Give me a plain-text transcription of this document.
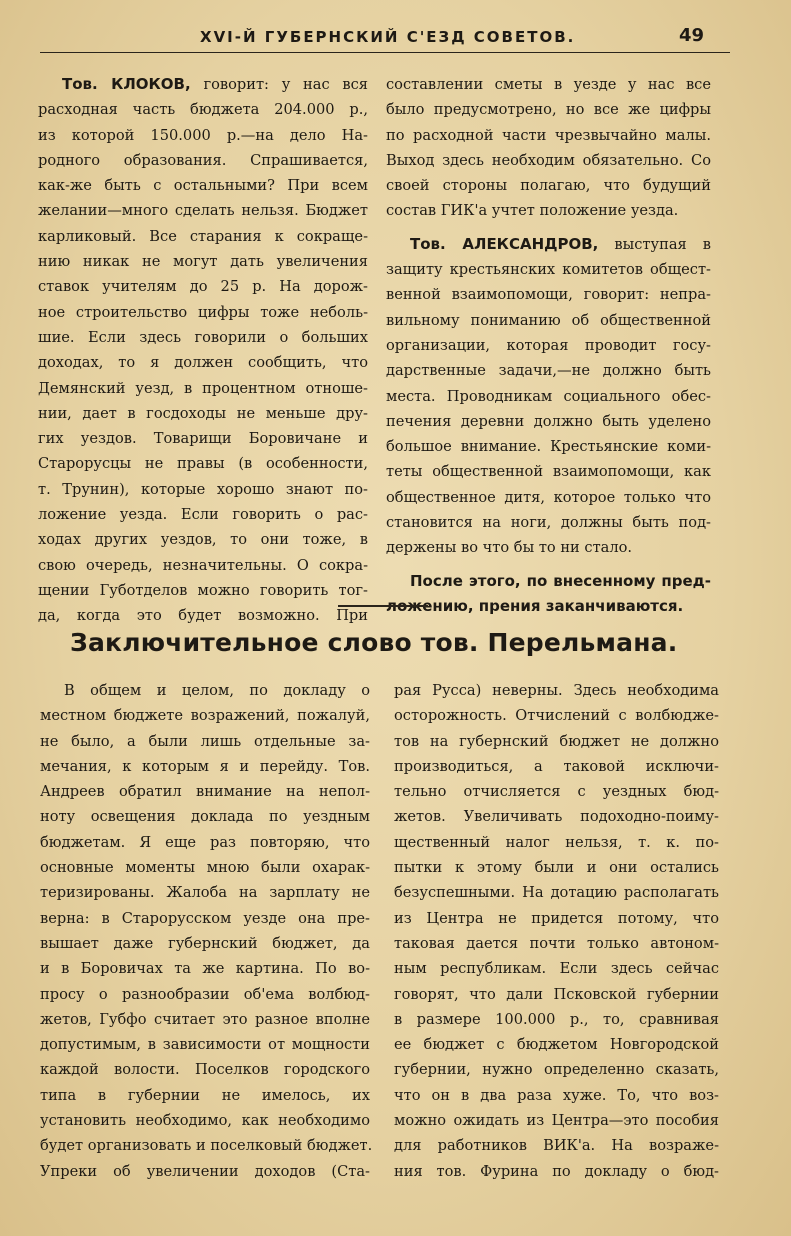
XVI-Й ГУБЕРНСКИЙ С'ЕЗД СОВЕТОВ.	49
Тов. КЛОКОВ, говорит: у нас вся
расходная часть бюджета 204.000 р.,
из которой 150.000 р.—на дело На-
родного образования. Спрашивается,
как-же быть с остальными? При всем
желании—много сделать нельзя. Бюджет
карликовый. Все старания к сокраще-
нию никак не могут дать увеличения
ставок учителям до 25 р. На дорож-
ное строительство цифры тоже неболь-
шие. Если здесь говорили о больших
доходах, то я должен сообщить, что
Демянский уезд, в процентном отноше-
нии, дает в госдоходы не меньше дру-
гих уездов. Товарищи Боровичане и
Старорусцы не правы (в особенности,
т. Трунин), которые хорошо знают по-
ложение уезда. Если говорить о рас-
ходах других уездов, то они тоже, в
свою очередь, незначительны. О сокра-
щении Губотделов можно говорить тог-
да, когда это будет возможно. При
составлении сметы в уезде у нас все
было предусмотрено, но все же цифры
по расходной части чрезвычайно малы.
Выход здесь необходим обязательно. Со
своей стороны полагаю, что будущий
состав ГИК'а учтет положение уезда.
Тов. АЛЕКСАНДРОВ, выступая в
защиту крестьянских комитетов общест-
венной взаимопомощи, говорит: непра-
вильному пониманию об общественной
организации, которая проводит госу-
дарственные задачи,—не должно быть
места. Проводникам социального обес-
печения деревни должно быть уделено
большое внимание. Крестьянские коми-
теты общественной взаимопомощи, как
общественное дитя, которое только что
становится на ноги, должны быть под-
держены во что бы то ни стало.
После этого, по внесенному пред-
ложению, прения заканчиваются.
Заключительное слово тов. Перельмана.
В общем и целом, по докладу о
местном бюджете возражений, пожалуй,
не было, а были лишь отдельные за-
мечания, к которым я и перейду. Тов.
Андреев обратил внимание на непол-
ноту освещения доклада по уездным
бюджетам. Я еще раз повторяю, что
основные моменты мною были охарак-
теризированы. Жалоба на зарплату не
верна: в Старорусском уезде она пре-
вышает даже губернский бюджет, да
и в Боровичах та же картина. По во-
просу о разнообразии об'ема волбюд-
жетов, Губфо считает это разное вполне
допустимым, в зависимости от мощности
каждой волости. Поселков городского
типа в губернии не имелось, их
установить необходимо, как необходимо
будет организовать и поселковый бюджет.
Упреки об увеличении доходов (Ста-
рая Русса) неверны. Здесь необходима
осторожность. Отчислений с волбюдже-
тов на губернский бюджет не должно
производиться, а таковой исключи-
тельно отчисляется с уездных бюд-
жетов. Увеличивать подоходно-поиму-
щественный налог нельзя, т. к. по-
пытки к этому были и они остались
безуспешными. На дотацию располагать
из Центра не придется потому, что
таковая дается почти только автоном-
ным республикам. Если здесь сейчас
говорят, что дали Псковской губернии
в размере 100.000 р., то, сравнивая
ее бюджет с бюджетом Новгородской
губернии, нужно определенно сказать,
что он в два раза хуже. То, что воз-
можно ожидать из Центра—это пособия
для работников ВИК'а. На возраже-
ния тов. Фурина по докладу о бюд-
